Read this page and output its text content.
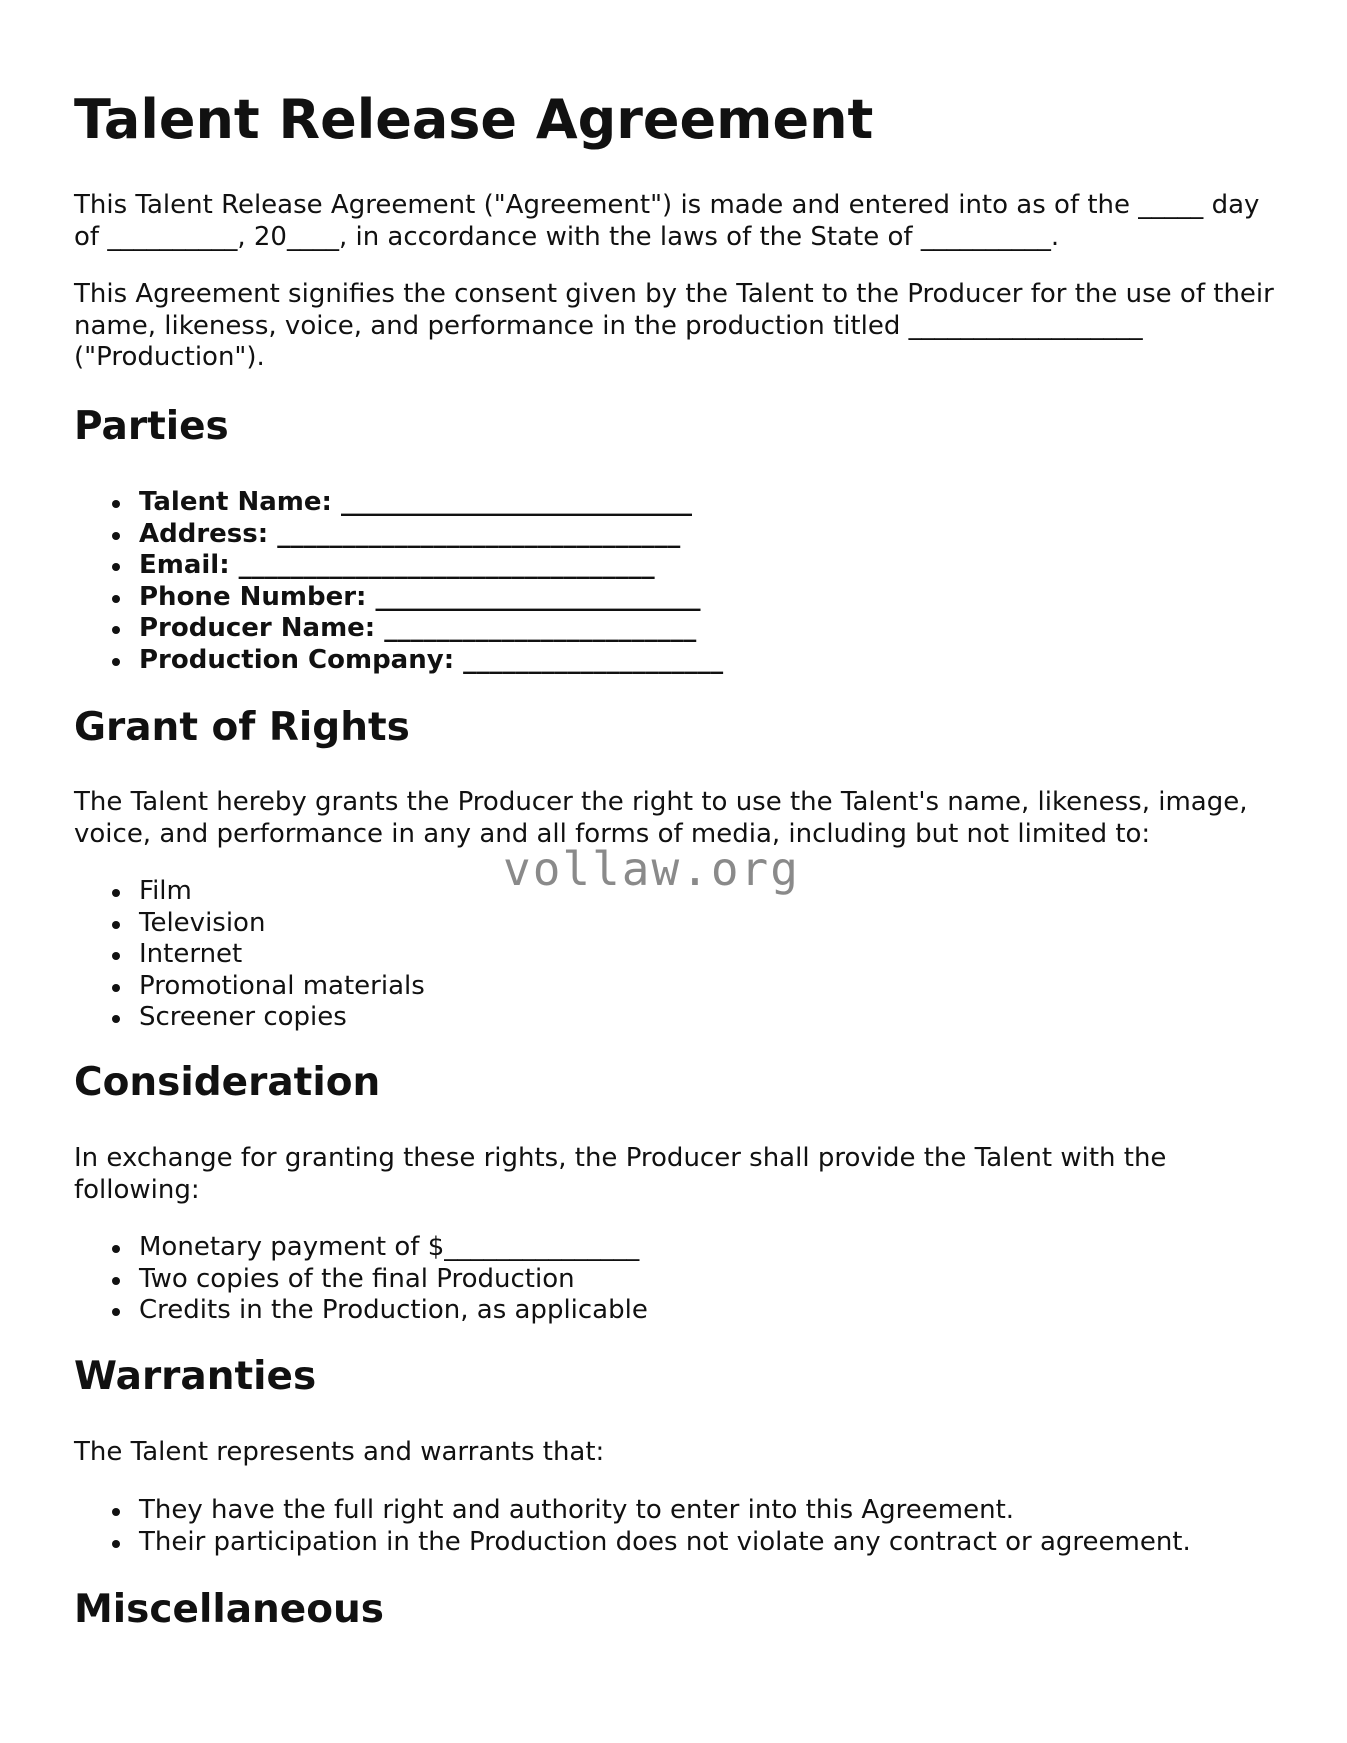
Talent Release Agreement

This Talent Release Agreement ("Agreement") is made and entered into as of the _____ day of __________, 20____, in accordance with the laws of the State of __________.

This Agreement signifies the consent given by the Talent to the Producer for the use of their name, likeness, voice, and performance in the production titled __________________ ("Production").

Parties
Talent Name: ___________________________
Address: _______________________________
Email: ________________________________
Phone Number: _________________________
Producer Name: ________________________
Production Company: ____________________
Grant of Rights

The Talent hereby grants the Producer the right to use the Talent's name, likeness, image, voice, and performance in any and all forms of media, including but not limited to:

Film
Television
Internet
Promotional materials
Screener copies
Consideration

In exchange for granting these rights, the Producer shall provide the Talent with the following:

Monetary payment of $_______________
Two copies of the final Production
Credits in the Production, as applicable
Warranties

The Talent represents and warrants that:

They have the full right and authority to enter into this Agreement.
Their participation in the Production does not violate any contract or agreement.
Miscellaneous
vollaw.org
